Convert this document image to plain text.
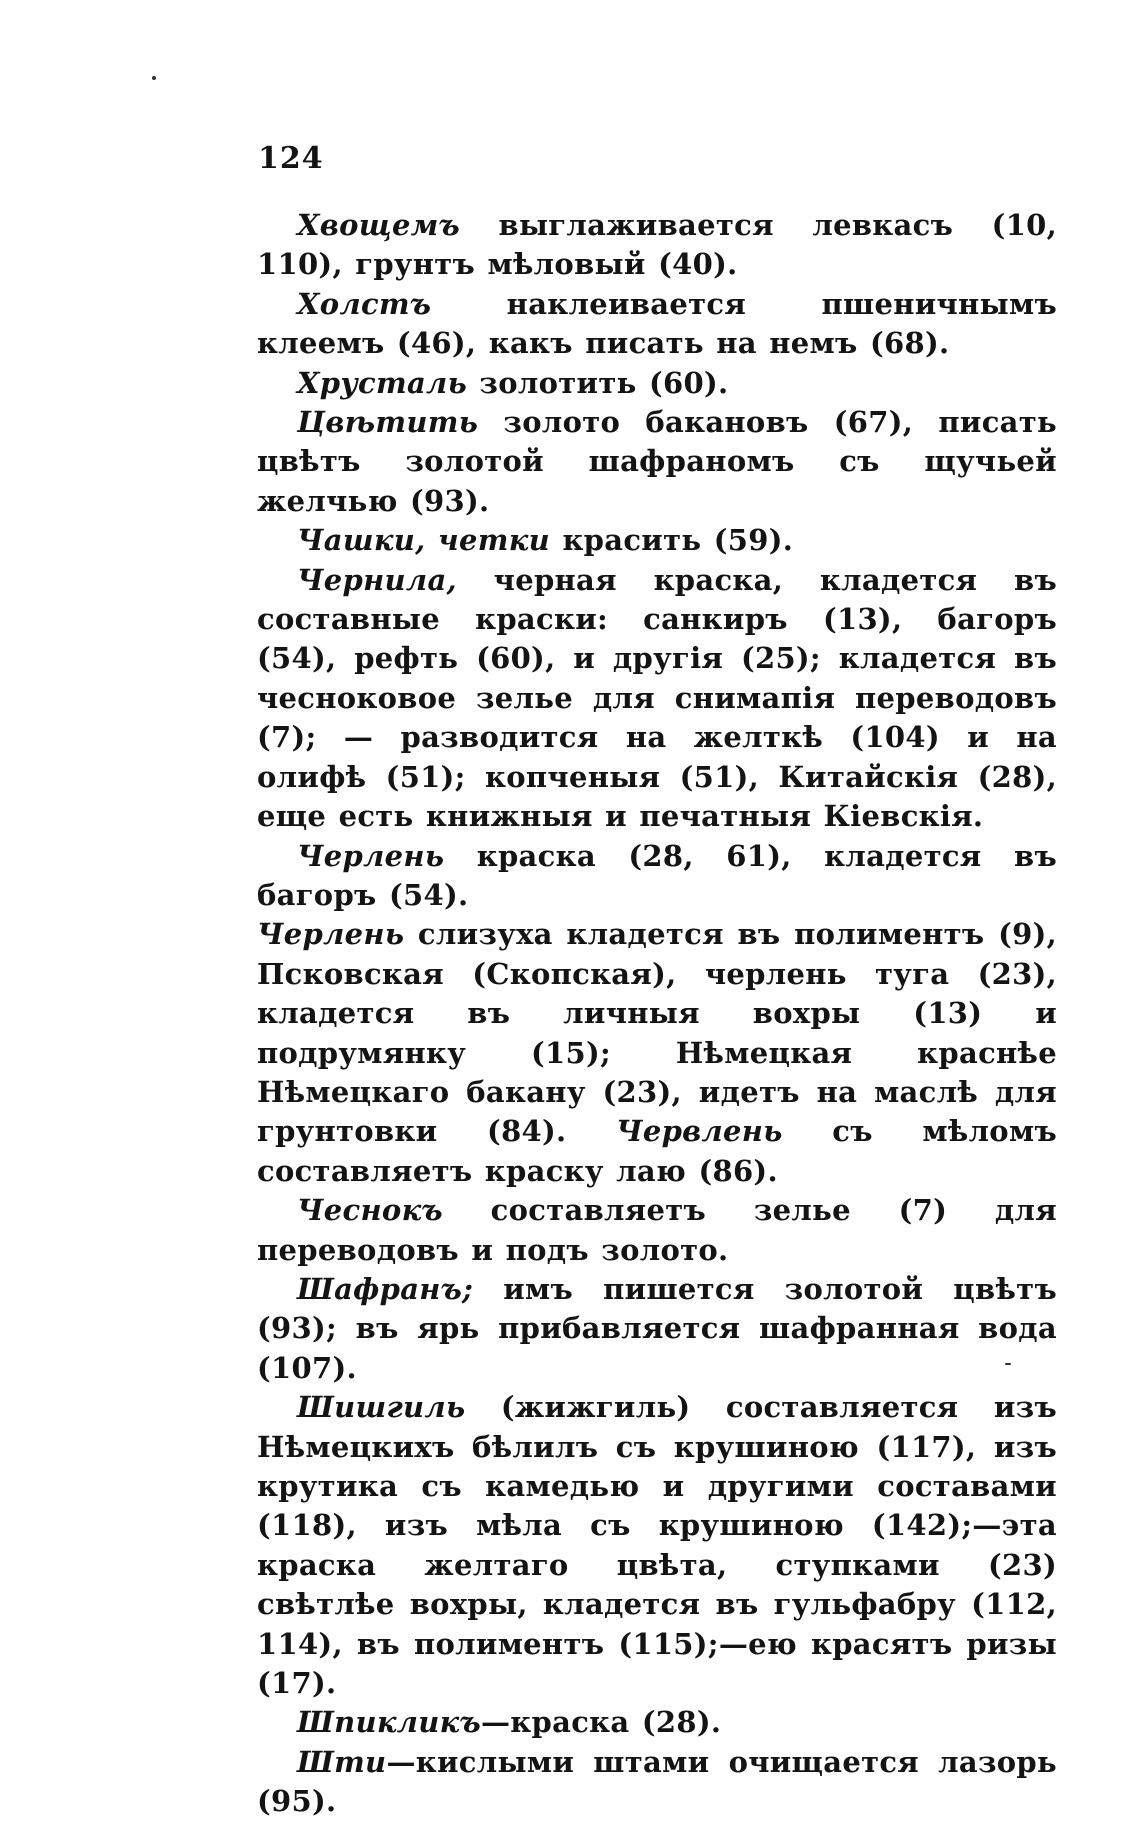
124

Хвощемъ выглаживается левкасъ (10, 110), грунтъ мѣловый (40).

Холстъ наклеивается пшеничнымъ клеемъ (46), какъ писать на немъ (68).

Хрусталь золотить (60).

Цвѣтить золото бакановъ (67), писать цвѣтъ золотой шафраномъ съ щучьей желчью (93).

Чашки, четки красить (59).

Чернила, черная краска, кладется въ составные краски: санкиръ (13), багоръ (54), рефть (60), и другія (25); кладется въ чесноковое зелье для снимапія переводовъ (7); — разводится на желткѣ (104) и на олифѣ (51); копченыя (51), Китайскія (28), еще есть книжныя и печатныя Кіевскія.

Черлень краска (28, 61), кладется въ багоръ (54).

Черлень слизуха кладется въ полиментъ (9), Псковская (Скопская), черлень туга (23), кладется въ личныя вохры (13) и подрумянку (15); Нѣмецкая краснѣе Нѣмецкаго бакану (23), идетъ на маслѣ для грунтовки (84). Червлень съ мѣломъ составляетъ краску лаю (86).

Чеснокъ составляетъ зелье (7) для переводовъ и подъ золото.

Шафранъ; имъ пишется золотой цвѣтъ (93); въ ярь прибавляется шафранная вода (107).

Шишгиль (жижгиль) составляется изъ Нѣмецкихъ бѣлилъ съ крушиною (117), изъ крутика съ камедью и другими составами (118), изъ мѣла съ крушиною (142);—эта краска желтаго цвѣта, ступками (23) свѣтлѣе вохры, кладется въ гульфабру (112, 114), въ полиментъ (115);—ею красятъ ризы (17).

Шпикликъ—краска (28).

Шти—кислыми штами очищается лазорь (95).
